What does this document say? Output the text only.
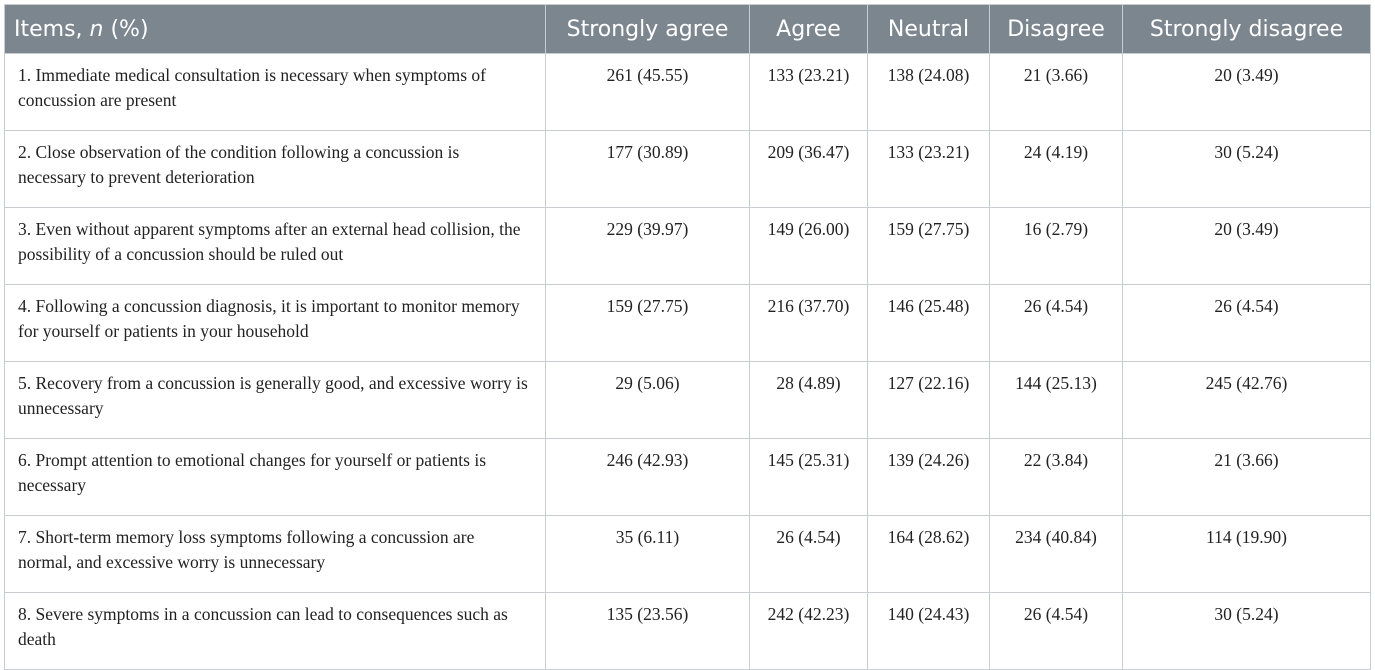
Items, n (%)	Strongly agree	Agree	Neutral	Disagree	Strongly disagree
1. Immediate medical consultation is necessary when symptoms of concussion are present	261 (45.55)	133 (23.21)	138 (24.08)	21 (3.66)	20 (3.49)
2. Close observation of the condition following a concussion is necessary to prevent deterioration	177 (30.89)	209 (36.47)	133 (23.21)	24 (4.19)	30 (5.24)
3. Even without apparent symptoms after an external head collision, the possibility of a concussion should be ruled out	229 (39.97)	149 (26.00)	159 (27.75)	16 (2.79)	20 (3.49)
4. Following a concussion diagnosis, it is important to monitor memory for yourself or patients in your household	159 (27.75)	216 (37.70)	146 (25.48)	26 (4.54)	26 (4.54)
5. Recovery from a concussion is generally good, and excessive worry is unnecessary	29 (5.06)	28 (4.89)	127 (22.16)	144 (25.13)	245 (42.76)
6. Prompt attention to emotional changes for yourself or patients is necessary	246 (42.93)	145 (25.31)	139 (24.26)	22 (3.84)	21 (3.66)
7. Short-term memory loss symptoms following a concussion are normal, and excessive worry is unnecessary	35 (6.11)	26 (4.54)	164 (28.62)	234 (40.84)	114 (19.90)
8. Severe symptoms in a concussion can lead to consequences such as death	135 (23.56)	242 (42.23)	140 (24.43)	26 (4.54)	30 (5.24)
